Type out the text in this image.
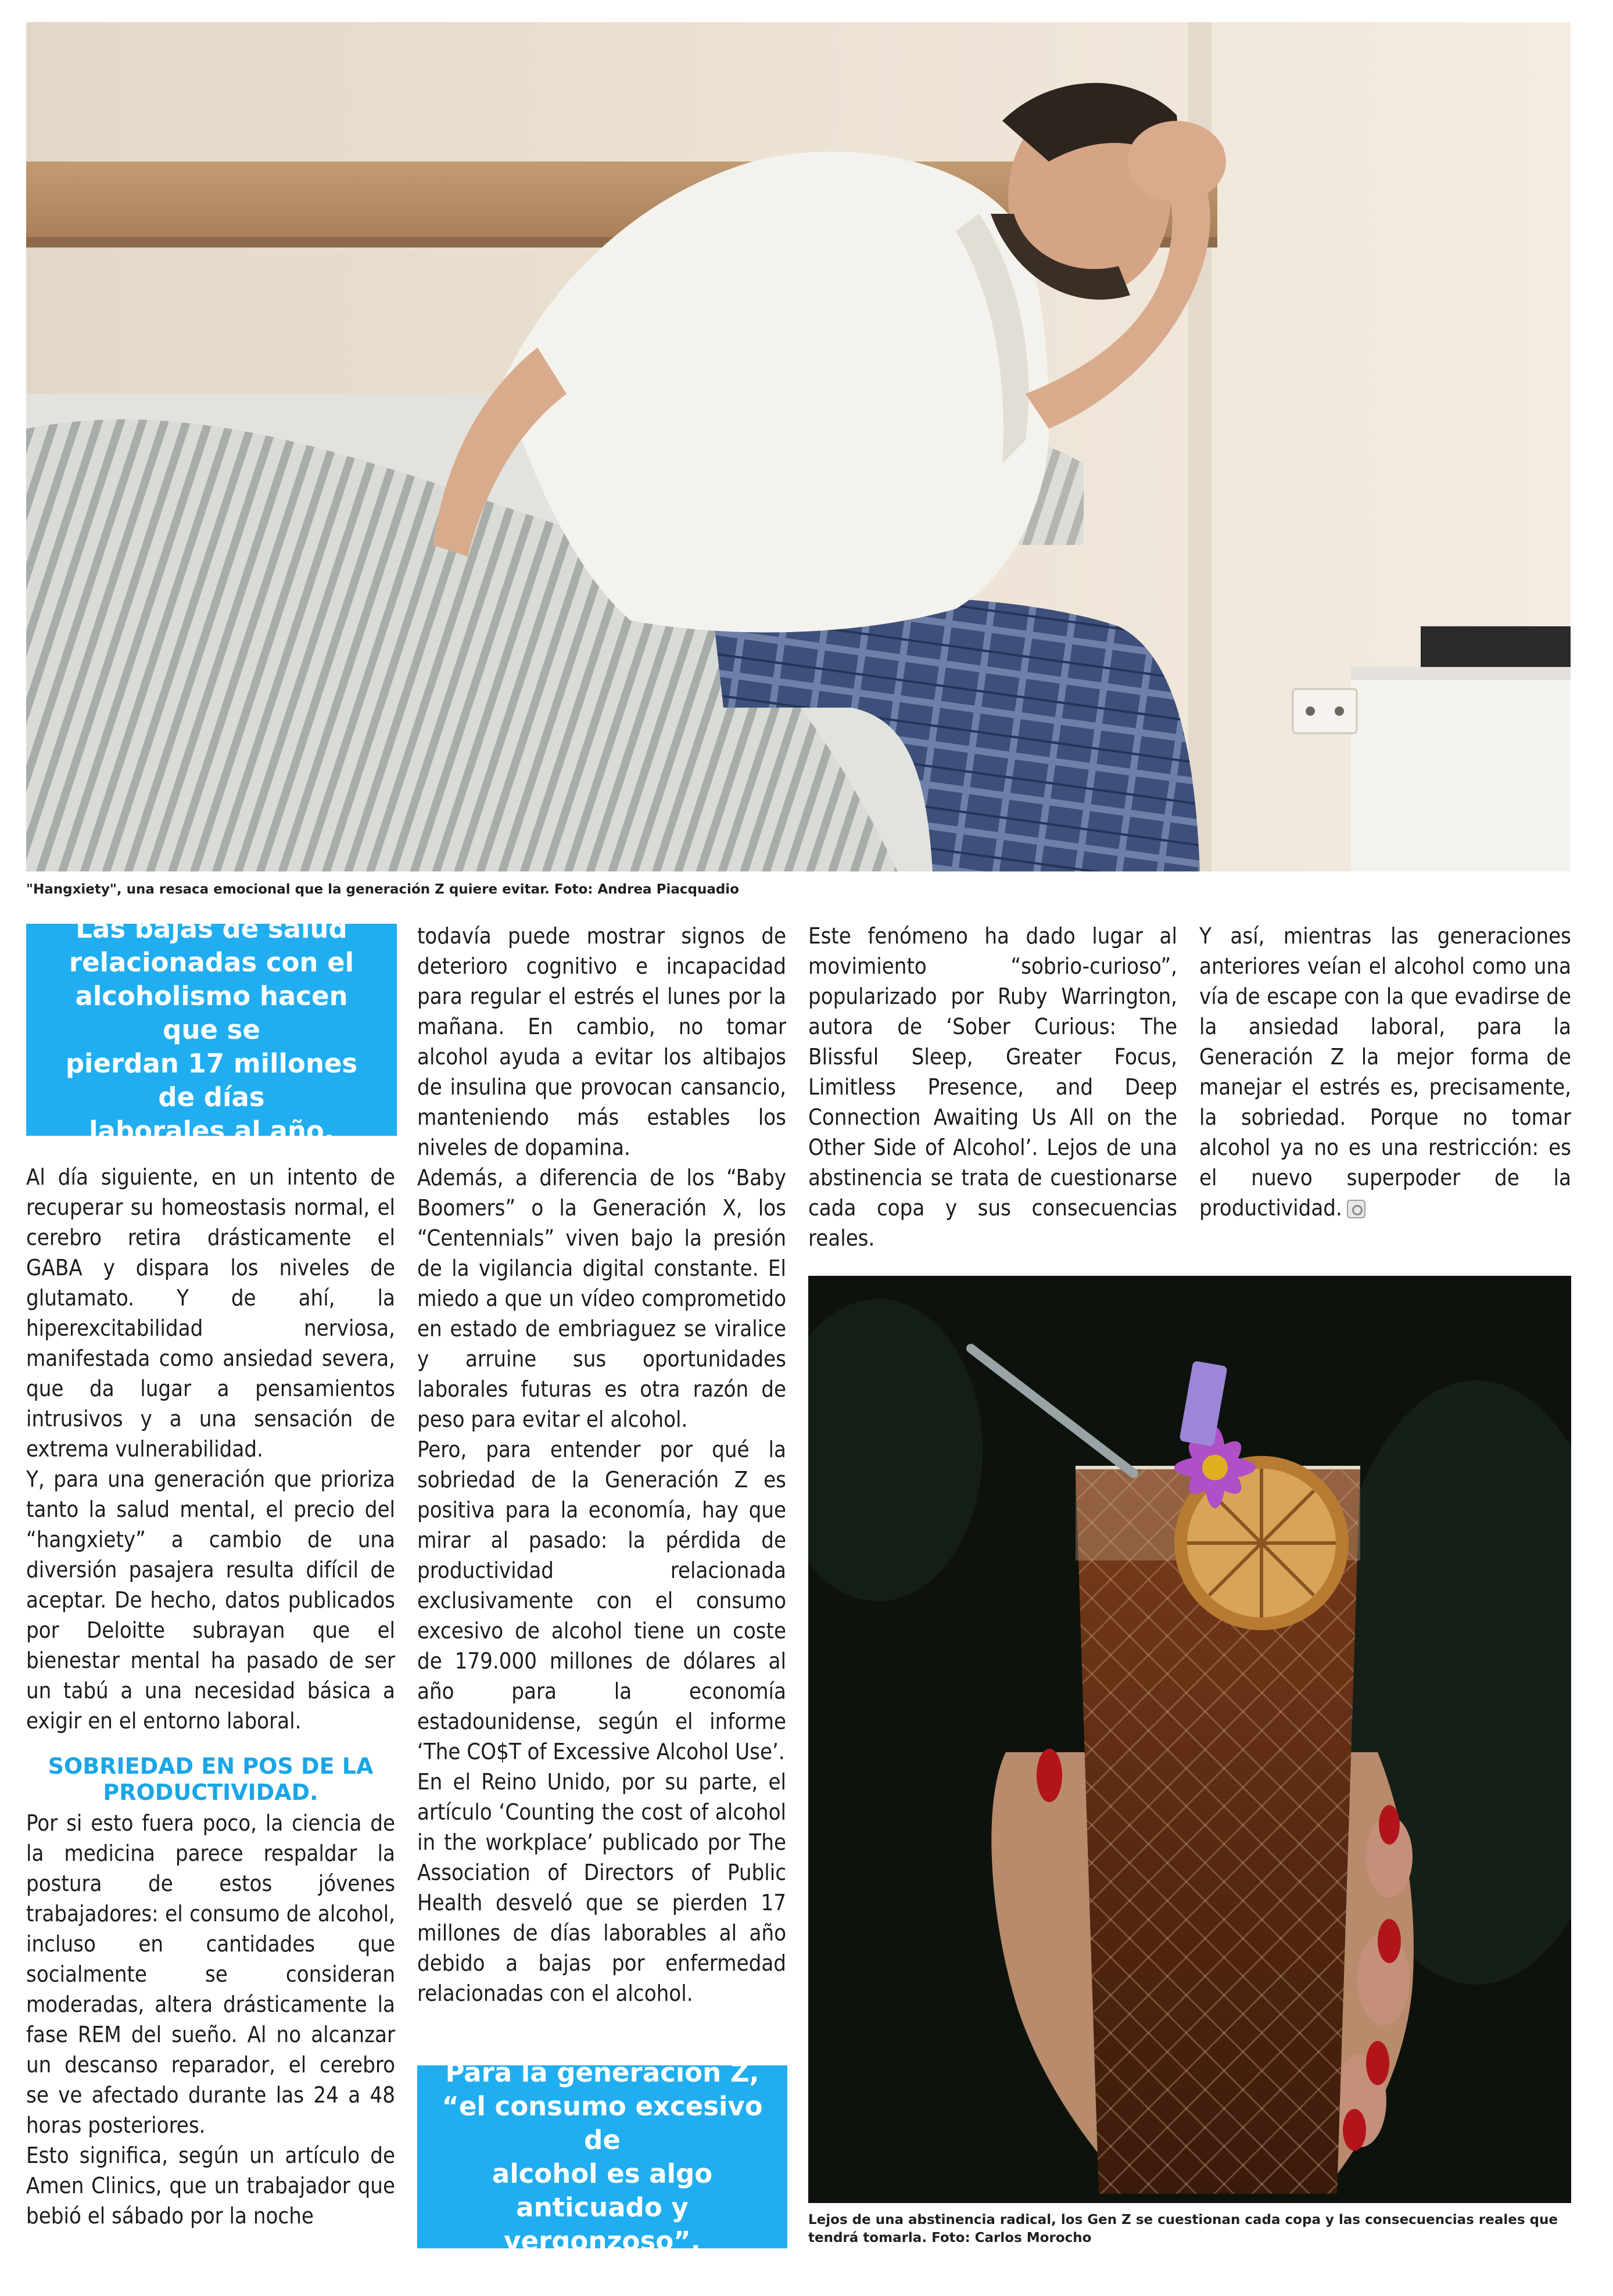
"Hangxiety", una resaca emocional que la generación Z quiere evitar. Foto: Andrea Piacquadio

Las bajas de salud
relacionadas con el
alcoholismo hacen que se
pierdan 17 millones de días
laborales al año.

Al día siguiente, en un intento de recuperar su homeostasis normal, el cerebro retira drásticamente el GABA y dispara los niveles de glutamato. Y de ahí, la hiperexcitabilidad nerviosa, manifestada como ansiedad severa, que da lugar a pensamientos intrusivos y a una sensación de extrema vulnerabilidad.

Y, para una generación que prioriza tanto la salud mental, el precio del “hangxiety” a cambio de una diversión pasajera resulta difícil de aceptar. De hecho, datos publicados por Deloitte subrayan que el bienestar mental ha pasado de ser un tabú a una necesidad básica a exigir en el entorno laboral.

SOBRIEDAD EN POS DE LA PRODUCTIVIDAD.

Por si esto fuera poco, la ciencia de la medicina parece respaldar la postura de estos jóvenes trabajadores: el consumo de alcohol, incluso en cantidades que socialmente se consideran moderadas, altera drásticamente la fase REM del sueño. Al no alcanzar un descanso reparador, el cerebro se ve afectado durante las 24 a 48 horas posteriores.

Esto significa, según un artículo de Amen Clinics, que un trabajador que bebió el sábado por la noche

todavía puede mostrar signos de deterioro cognitivo e incapacidad para regular el estrés el lunes por la mañana. En cambio, no tomar alcohol ayuda a evitar los altibajos de insulina que provocan cansancio, manteniendo más estables los niveles de dopamina.

Además, a diferencia de los “Baby Boomers” o la Generación X, los “Centennials” viven bajo la presión de la vigilancia digital constante. El miedo a que un vídeo comprometido en estado de embriaguez se viralice y arruine sus oportunidades laborales futuras es otra razón de peso para evitar el alcohol.

Pero, para entender por qué la sobriedad de la Generación Z es positiva para la economía, hay que mirar al pasado: la pérdida de productividad relacionada exclusivamente con el consumo excesivo de alcohol tiene un coste de 179.000 millones de dólares al año para la economía estadounidense, según el informe ‘The CO$T of Excessive Alcohol Use’.

En el Reino Unido, por su parte, el artículo ‘Counting the cost of alcohol in the workplace’ publicado por The Association of Directors of Public Health desveló que se pierden 17 millones de días laborables al año debido a bajas por enfermedad relacionadas con el alcohol.

Para la generación Z,
“el consumo excesivo de
alcohol es algo anticuado y
vergonzoso”.

Este fenómeno ha dado lugar al movimiento “sobrio-curioso”, popularizado por Ruby Warrington, autora de ‘Sober Curious: The Blissful Sleep, Greater Focus, Limitless Presence, and Deep Connection Awaiting Us All on the Other Side of Alcohol’. Lejos de una abstinencia se trata de cuestionarse cada copa y sus consecuencias reales.

Y así, mientras las generaciones anteriores veían el alcohol como una vía de escape con la que evadirse de la ansiedad laboral, para la Generación Z la mejor forma de manejar el estrés es, precisamente, la sobriedad. Porque no tomar alcohol ya no es una restricción: es el nuevo superpoder de la productividad.

Lejos de una abstinencia radical, los Gen Z se cuestionan cada copa y las consecuencias reales que tendrá tomarla. Foto: Carlos Morocho
